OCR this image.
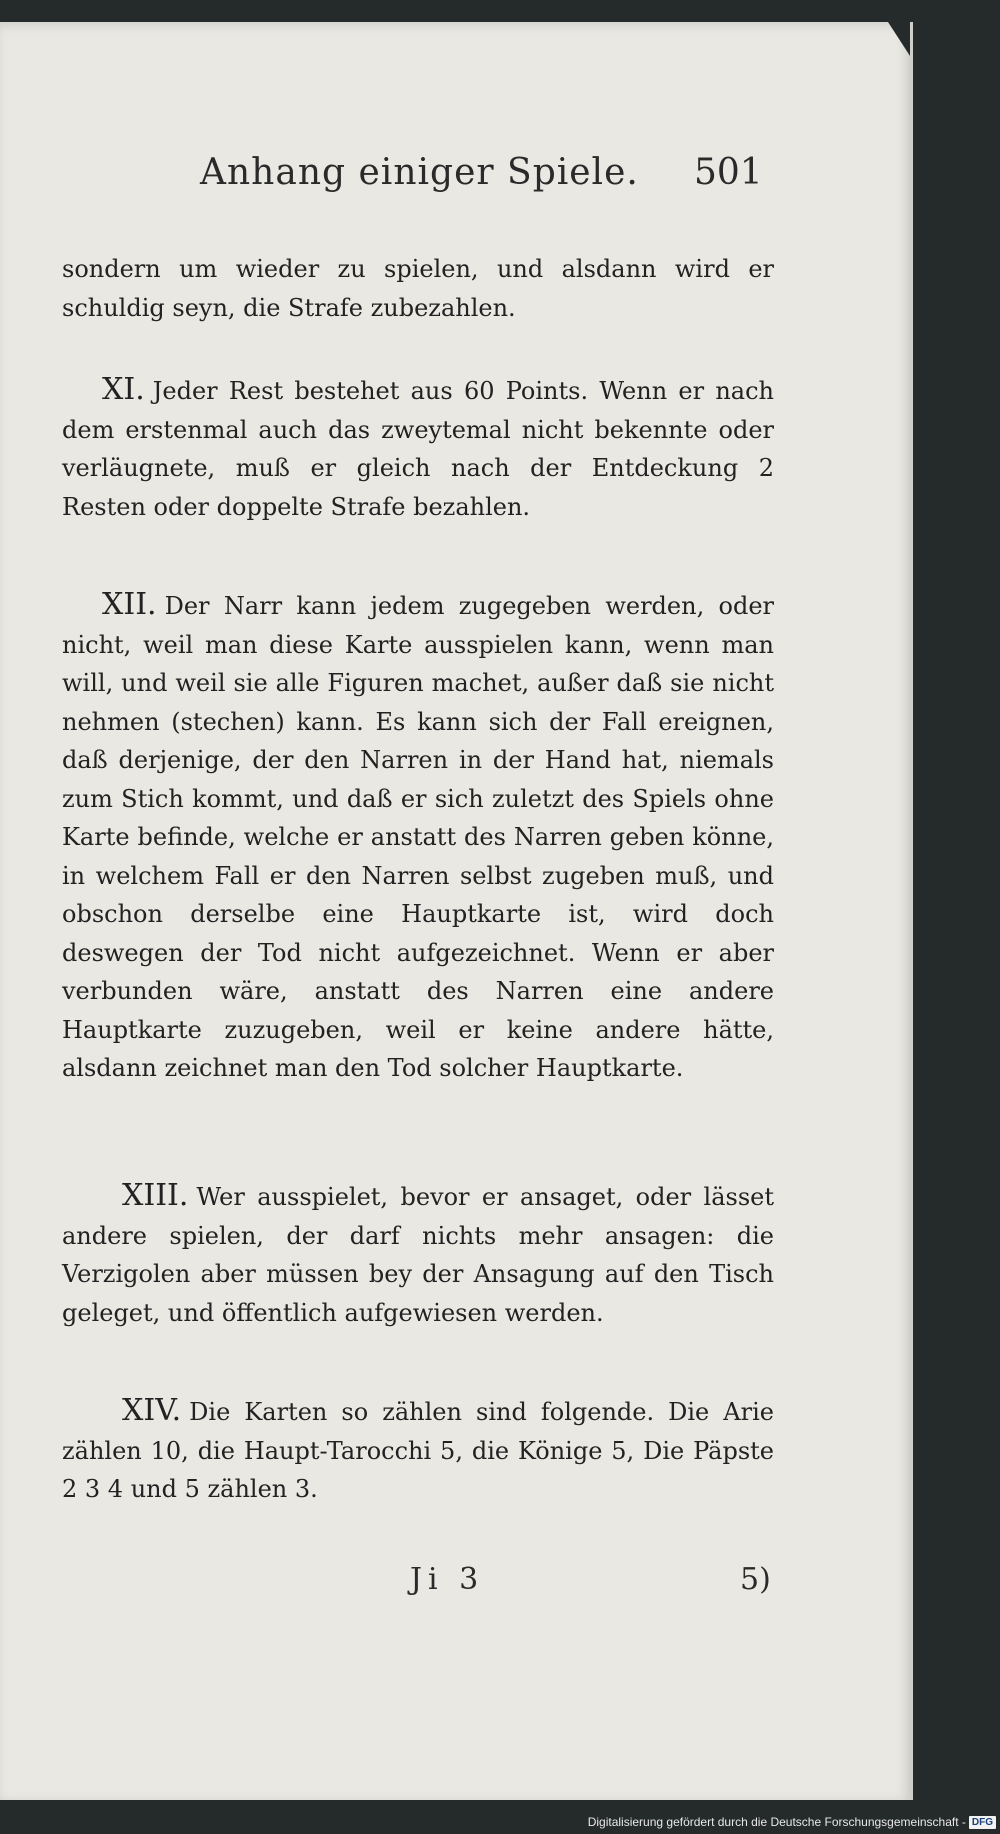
Anhang einiger Spiele. 501
sondern um wieder zu spielen, und alsdann wird er schuldig seyn, die Strafe zubezahlen.
XI. Jeder Rest bestehet aus 60 Points. Wenn er nach dem erstenmal auch das zweytemal nicht bekennte oder verläugnete, muß er gleich nach der Entdeckung 2 Resten oder doppelte Strafe bezahlen.
XII. Der Narr kann jedem zugegeben werden, oder nicht, weil man diese Karte ausspielen kann, wenn man will, und weil sie alle Figuren machet, außer daß sie nicht nehmen (stechen) kann. Es kann sich der Fall ereignen, daß derjenige, der den Narren in der Hand hat, niemals zum Stich kommt, und daß er sich zuletzt des Spiels ohne Karte befinde, welche er anstatt des Narren geben könne, in welchem Fall er den Narren selbst zugeben muß, und obschon derselbe eine Hauptkarte ist, wird doch deswegen der Tod nicht aufgezeichnet. Wenn er aber verbunden wäre, anstatt des Narren eine andere Hauptkarte zuzugeben, weil er keine andere hätte, alsdann zeichnet man den Tod solcher Hauptkarte.
XIII. Wer ausspielet, bevor er ansaget, oder lässet andere spielen, der darf nichts mehr ansagen: die Verzigolen aber müssen bey der Ansagung auf den Tisch geleget, und öffentlich aufgewiesen werden.
XIV. Die Karten so zählen sind folgende. Die Arie zählen 10, die Haupt-Tarocchi 5, die Könige 5, Die Päpste 2 3 4 und 5 zählen 3.
Ji 3	5)
Digitalisierung gefördert durch die Deutsche Forschungsgemeinschaft - DFG
